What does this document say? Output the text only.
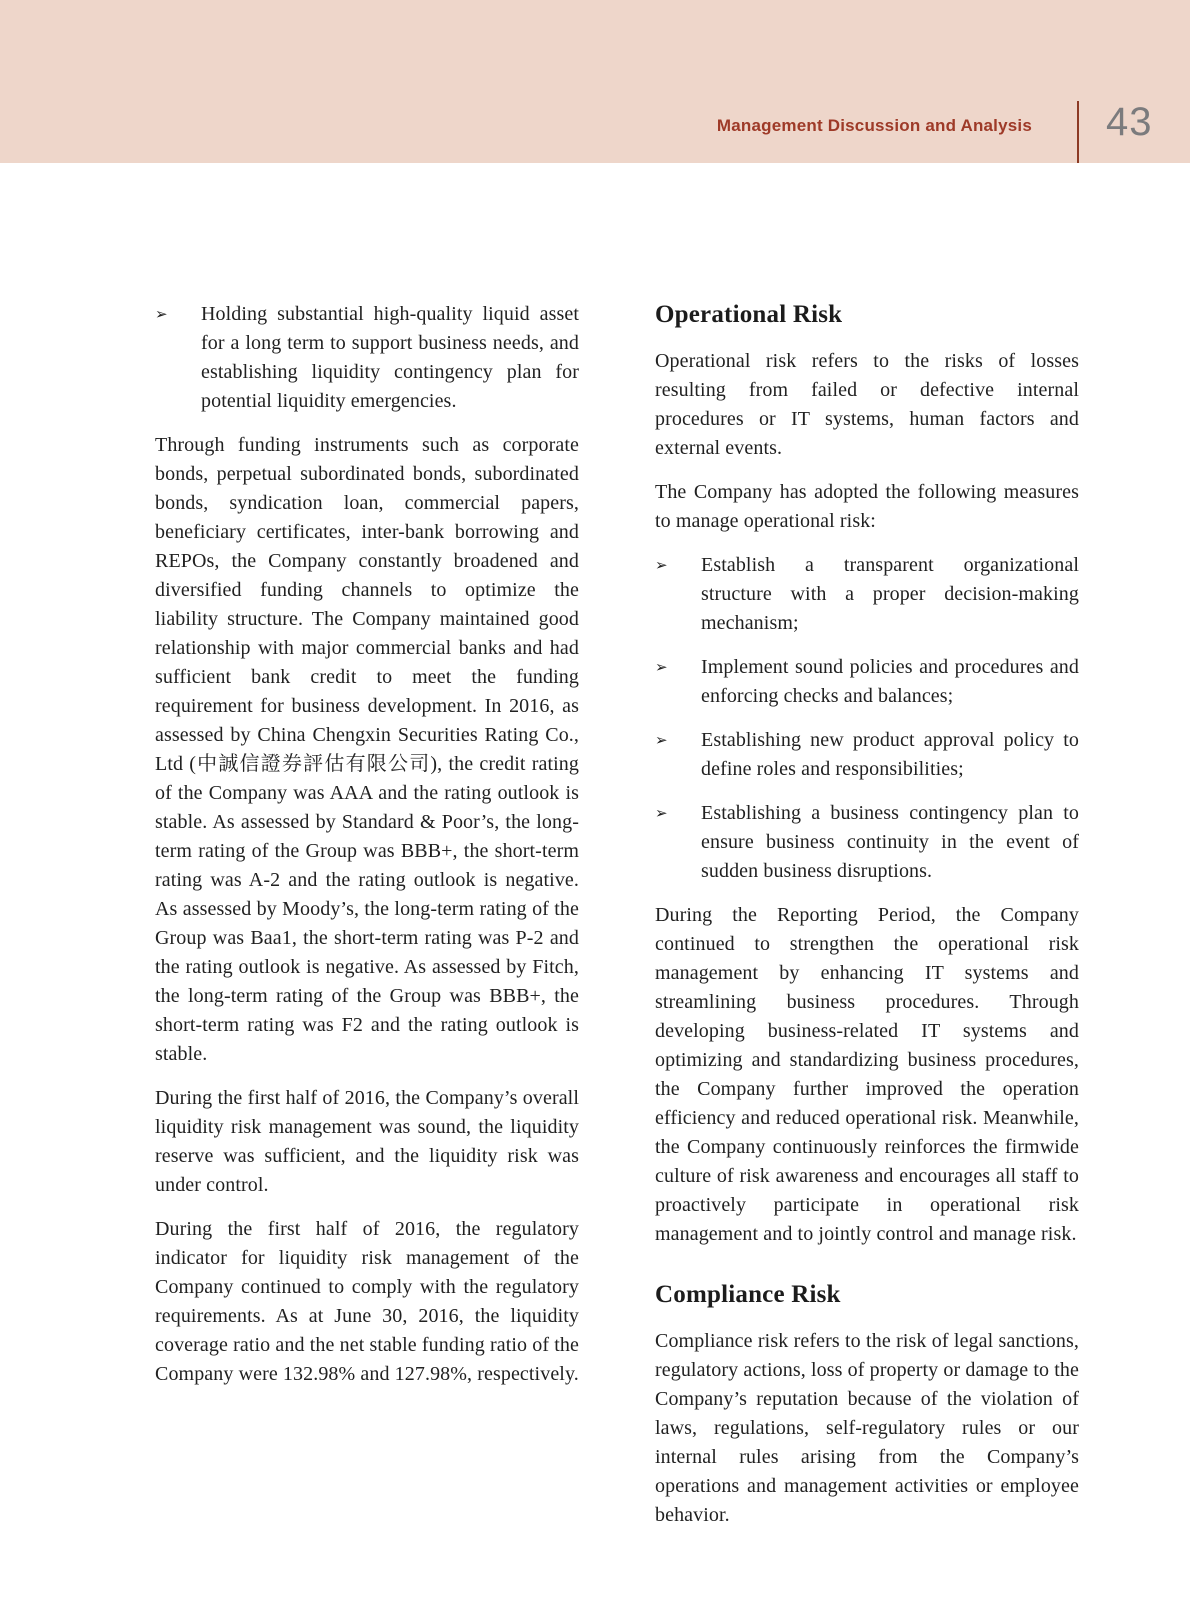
Management Discussion and Analysis 43
➢	Holding substantial high-quality liquid asset for a long term to support business needs, and establishing liquidity contingency plan for potential liquidity emergencies.

Through funding instruments such as corporate bonds, perpetual subordinated bonds, subordinated bonds, syndication loan, commercial papers, beneficiary certificates, inter-bank borrowing and REPOs, the Company constantly broadened and diversified funding channels to optimize the liability structure. The Company maintained good relationship with major commercial banks and had sufficient bank credit to meet the funding requirement for business development. In 2016, as assessed by China Chengxin Securities Rating Co., Ltd (中誠信證券評估有限公司), the credit rating of the Company was AAA and the rating outlook is stable. As assessed by Standard & Poor’s, the long-term rating of the Group was BBB+, the short-term rating was A-2 and the rating outlook is negative. As assessed by Moody’s, the long-term rating of the Group was Baa1, the short-term rating was P-2 and the rating outlook is negative. As assessed by Fitch, the long-term rating of the Group was BBB+, the short-term rating was F2 and the rating outlook is stable.

During the first half of 2016, the Company’s overall liquidity risk management was sound, the liquidity reserve was sufficient, and the liquidity risk was under control.

During the first half of 2016, the regulatory indicator for liquidity risk management of the Company continued to comply with the regulatory requirements. As at June 30, 2016, the liquidity coverage ratio and the net stable funding ratio of the Company were 132.98% and 127.98%, respectively.

Operational Risk

Operational risk refers to the risks of losses resulting from failed or defective internal procedures or IT systems, human factors and external events.

The Company has adopted the following measures to manage operational risk:

➢	Establish a transparent organizational structure with a proper decision-making mechanism;

➢	Implement sound policies and procedures and enforcing checks and balances;

➢	Establishing new product approval policy to define roles and responsibilities;

➢	Establishing a business contingency plan to ensure business continuity in the event of sudden business disruptions.

During the Reporting Period, the Company continued to strengthen the operational risk management by enhancing IT systems and streamlining business procedures. Through developing business-related IT systems and optimizing and standardizing business procedures, the Company further improved the operation efficiency and reduced operational risk. Meanwhile, the Company continuously reinforces the firmwide culture of risk awareness and encourages all staff to proactively participate in operational risk management and to jointly control and manage risk.

Compliance Risk

Compliance risk refers to the risk of legal sanctions, regulatory actions, loss of property or damage to the Company’s reputation because of the violation of laws, regulations, self-regulatory rules or our internal rules arising from the Company’s operations and management activities or employee behavior.
